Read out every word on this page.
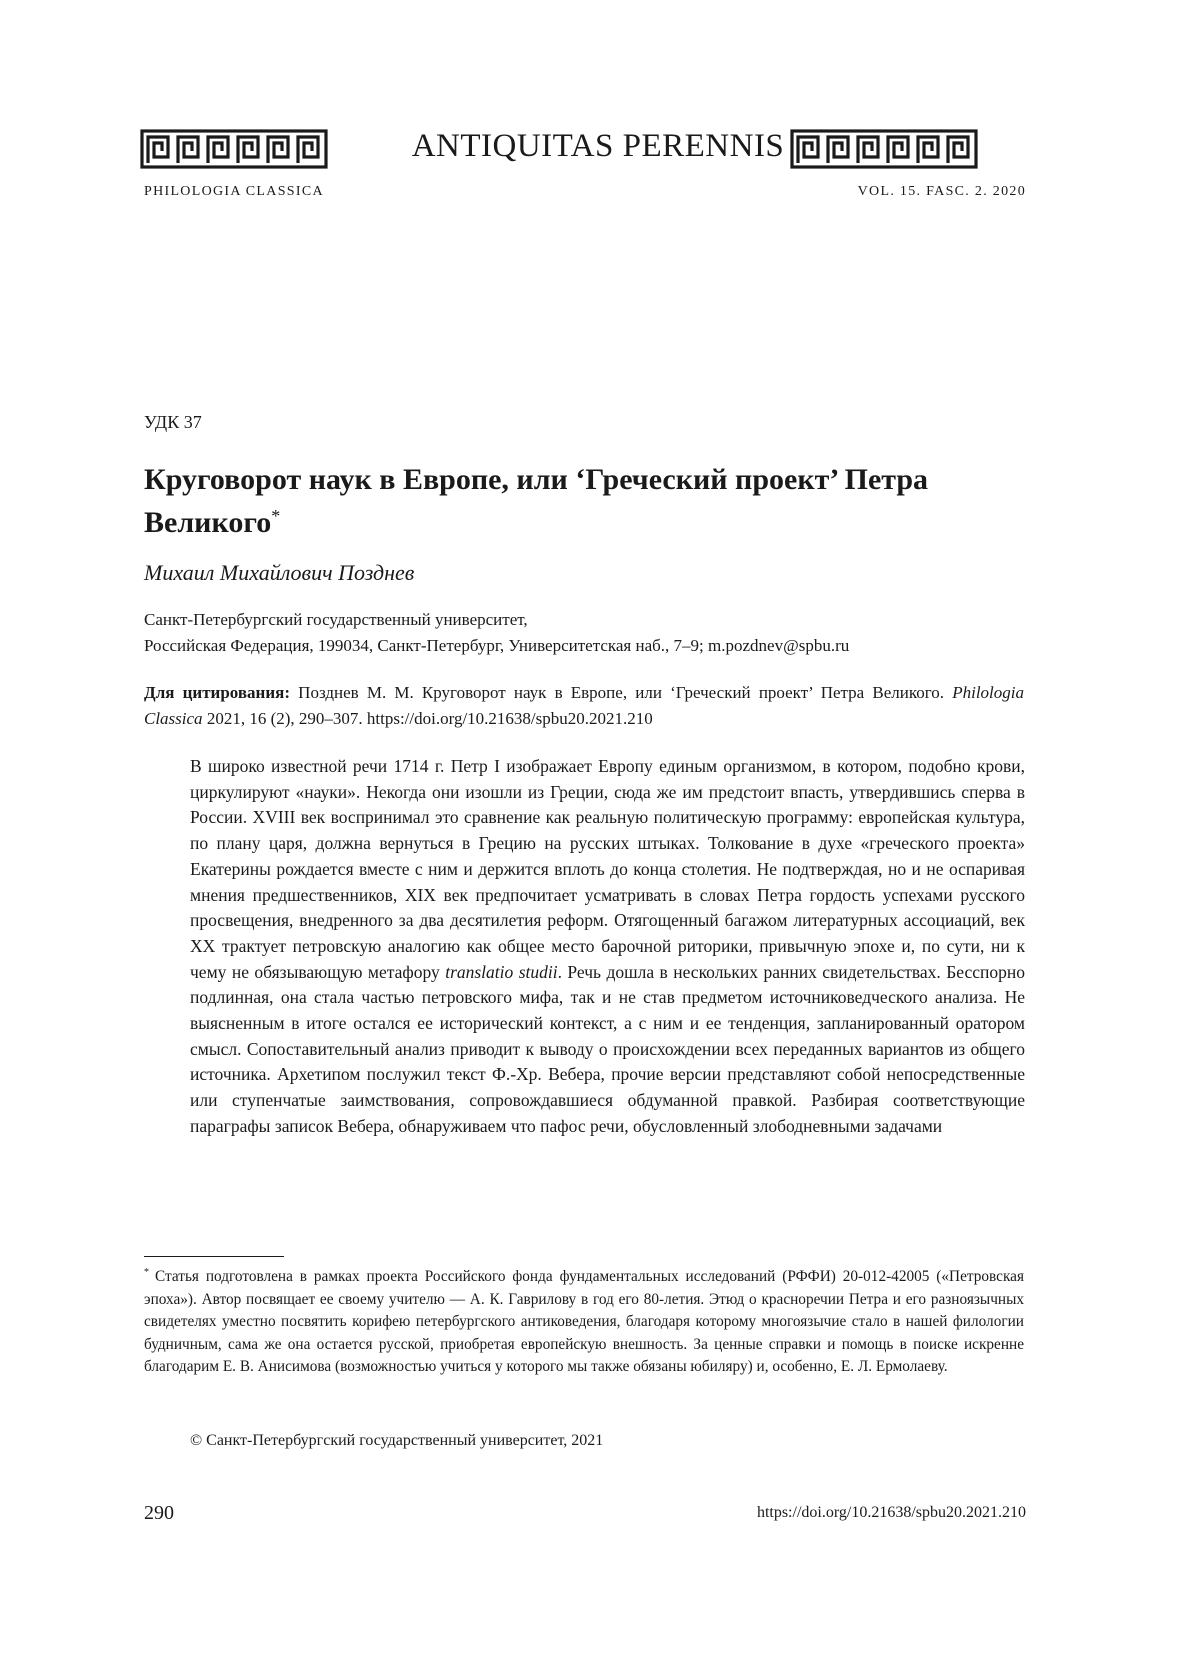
ANTIQUITAS PERENNIS
PHILOLOGIA CLASSICA	VOL. 15. FASC. 2. 2020
УДК 37
Круговорот наук в Европе, или ‘Греческий проект’ Петра Великого*
Михаил Михайлович Позднев
Санкт-Петербургский государственный университет,
Российская Федерация, 199034, Санкт-Петербург, Университетская наб., 7–9; m.pozdnev@spbu.ru
Для цитирования: Позднев М. М. Круговорот наук в Европе, или ‘Греческий проект’ Петра Великого. Philologia Classica 2021, 16 (2), 290–307. https://doi.org/10.21638/spbu20.2021.210

В широко известной речи 1714 г. Петр I изображает Европу единым организмом, в котором, подобно крови, циркулируют «науки». Некогда они изошли из Греции, сюда же им предстоит впасть, утвердившись сперва в России. XVIII век воспринимал это сравнение как реальную политическую программу: европейская культура, по плану царя, должна вернуться в Грецию на русских штыках. Толкование в духе «греческого проекта» Екатерины рождается вместе с ним и держится вплоть до конца столетия. Не подтверждая, но и не оспаривая мнения предшественников, XIX век предпочитает усматривать в словах Петра гордость успехами русского просвещения, внедренного за два десятилетия реформ. Отягощенный багажом литературных ассоциаций, век XX трактует петровскую аналогию как общее место барочной риторики, привычную эпохе и, по сути, ни к чему не обязывающую метафору translatio studii. Речь дошла в нескольких ранних свидетельствах. Бесспорно подлинная, она стала частью петровского мифа, так и не став предметом источниковедческого анализа. Не выясненным в итоге остался ее исторический контекст, а с ним и ее тенденция, запланированный оратором смысл. Сопоставительный анализ приводит к выводу о происхождении всех переданных вариантов из общего источника. Архетипом послужил текст Ф.-Хр. Вебера, прочие версии представляют собой непосредственные или ступенчатые заимствования, сопровождавшиеся обдуманной правкой. Разбирая соответствующие параграфы записок Вебера, обнаруживаем что пафос речи, обусловленный злободневными задачами

* Статья подготовлена в рамках проекта Российского фонда фундаментальных исследований (РФФИ) 20-012-42005 («Петровская эпоха»). Автор посвящает ее своему учителю — А. К. Гаврилову в год его 80-летия. Этюд о красноречии Петра и его разноязычных свидетелях уместно посвятить корифею петербургского антиковедения, благодаря которому многоязычие стало в нашей филологии будничным, сама же она остается русской, приобретая европейскую внешность. За ценные справки и помощь в поиске искренне благодарим Е. В. Анисимова (возможностью учиться у которого мы также обязаны юбиляру) и, особенно, Е. Л. Ермолаеву.
© Санкт-Петербургский государственный университет, 2021
290	https://doi.org/10.21638/spbu20.2021.210
